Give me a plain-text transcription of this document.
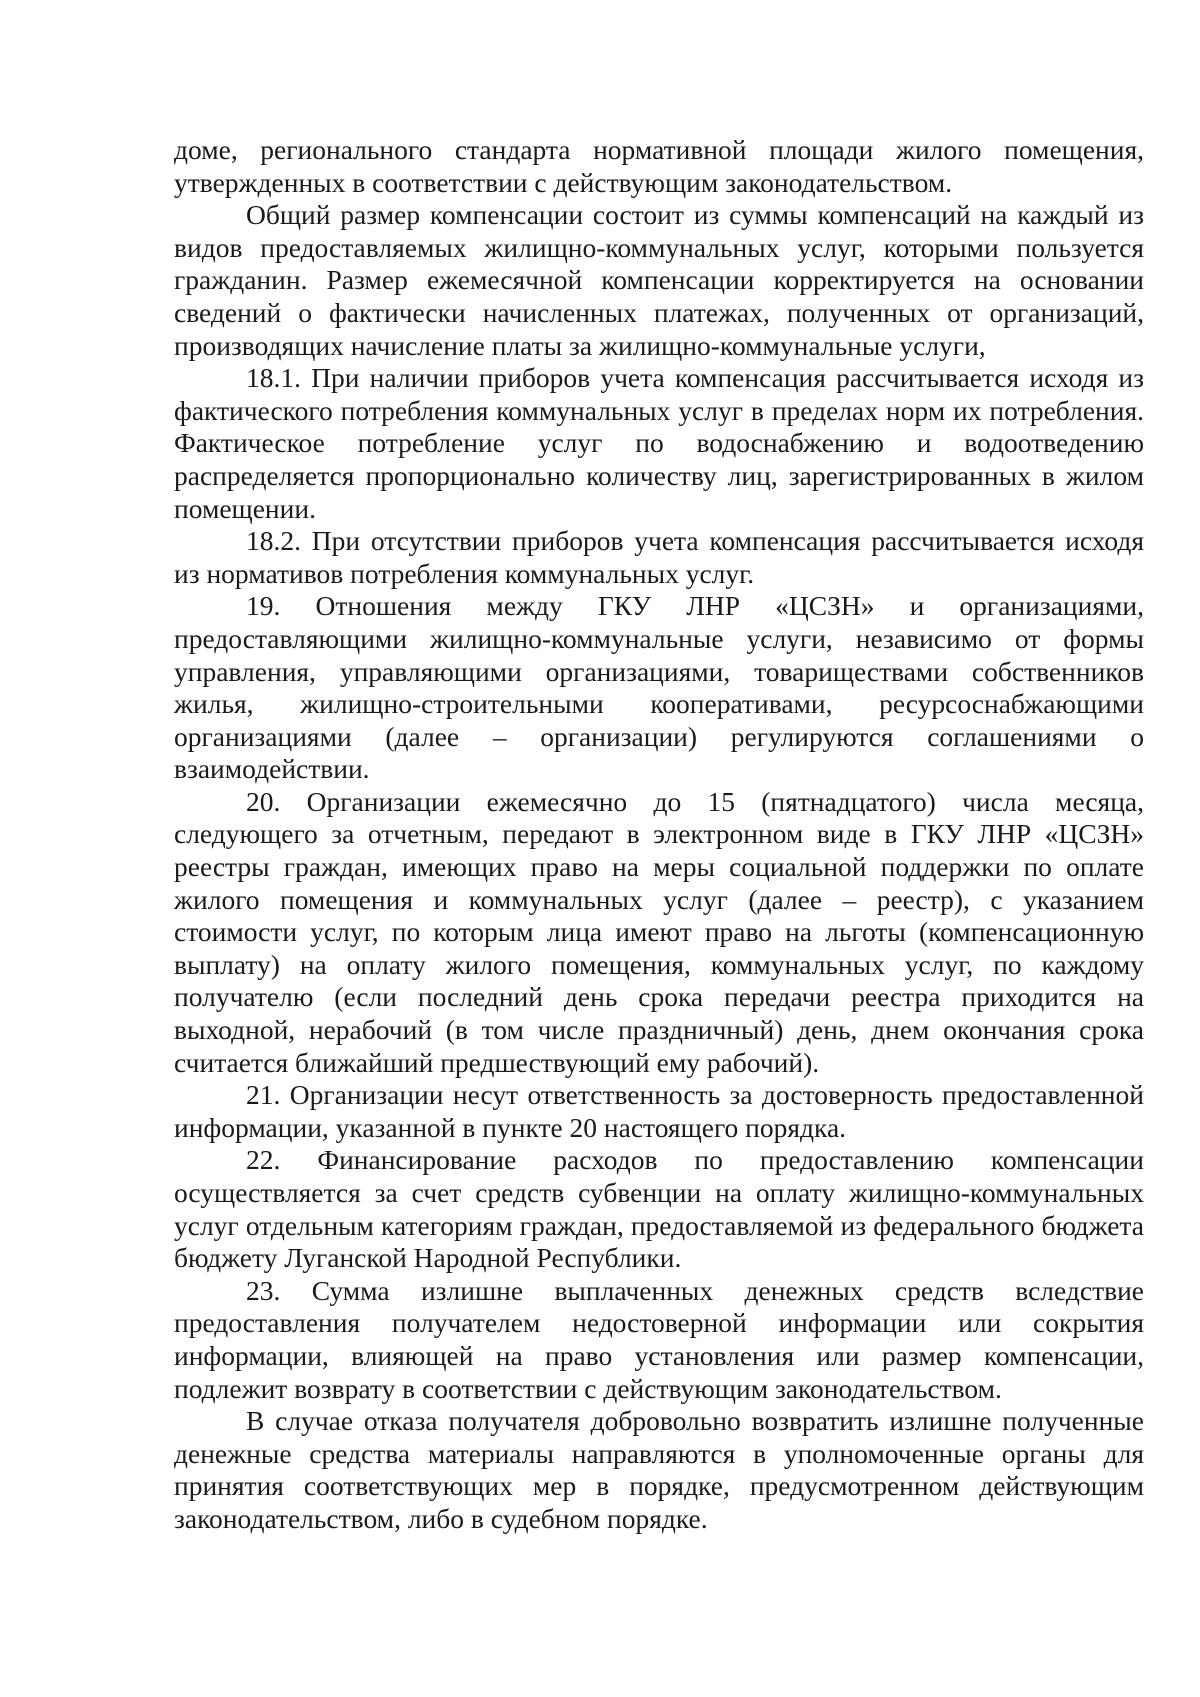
доме, регионального стандарта нормативной площади жилого помещения, утвержденных в соответствии с действующим законодательством.

Общий размер компенсации состоит из суммы компенсаций на каждый из видов предоставляемых жилищно-коммунальных услуг, которыми пользуется гражданин. Размер ежемесячной компенсации корректируется на основании сведений о фактически начисленных платежах, полученных от организаций, производящих начисление платы за жилищно-коммунальные услуги,

18.1. При наличии приборов учета компенсация рассчитывается исходя из фактического потребления коммунальных услуг в пределах норм их потребления. Фактическое потребление услуг по водоснабжению и водоотведению распределяется пропорционально количеству лиц, зарегистрированных в жилом помещении.

18.2. При отсутствии приборов учета компенсация рассчитывается исходя из нормативов потребления коммунальных услуг.

19. Отношения между ГКУ ЛНР «ЦСЗН» и организациями, предоставляющими жилищно-коммунальные услуги, независимо от формы управления, управляющими организациями, товариществами собственников жилья, жилищно-строительными кооперативами, ресурсоснабжающими организациями (далее – организации) регулируются соглашениями о взаимодействии.

20. Организации ежемесячно до 15 (пятнадцатого) числа месяца, следующего за отчетным, передают в электронном виде в ГКУ ЛНР «ЦСЗН» реестры граждан, имеющих право на меры социальной поддержки по оплате жилого помещения и коммунальных услуг (далее – реестр), с указанием стоимости услуг, по которым лица имеют право на льготы (компенсационную выплату) на оплату жилого помещения, коммунальных услуг, по каждому получателю (если последний день срока передачи реестра приходится на выходной, нерабочий (в том числе праздничный) день, днем окончания срока считается ближайший предшествующий ему рабочий).

21. Организации несут ответственность за достоверность предоставленной информации, указанной в пункте 20 настоящего порядка.

22. Финансирование расходов по предоставлению компенсации осуществляется за счет средств субвенции на оплату жилищно-коммунальных услуг отдельным категориям граждан, предоставляемой из федерального бюджета бюджету Луганской Народной Республики.

23. Сумма излишне выплаченных денежных средств вследствие предоставления получателем недостоверной информации или сокрытия информации, влияющей на право установления или размер компенсации, подлежит возврату в соответствии с действующим законодательством.

В случае отказа получателя добровольно возвратить излишне полученные денежные средства материалы направляются в уполномоченные органы для принятия соответствующих мер в порядке, предусмотренном действующим законодательством, либо в судебном порядке.
